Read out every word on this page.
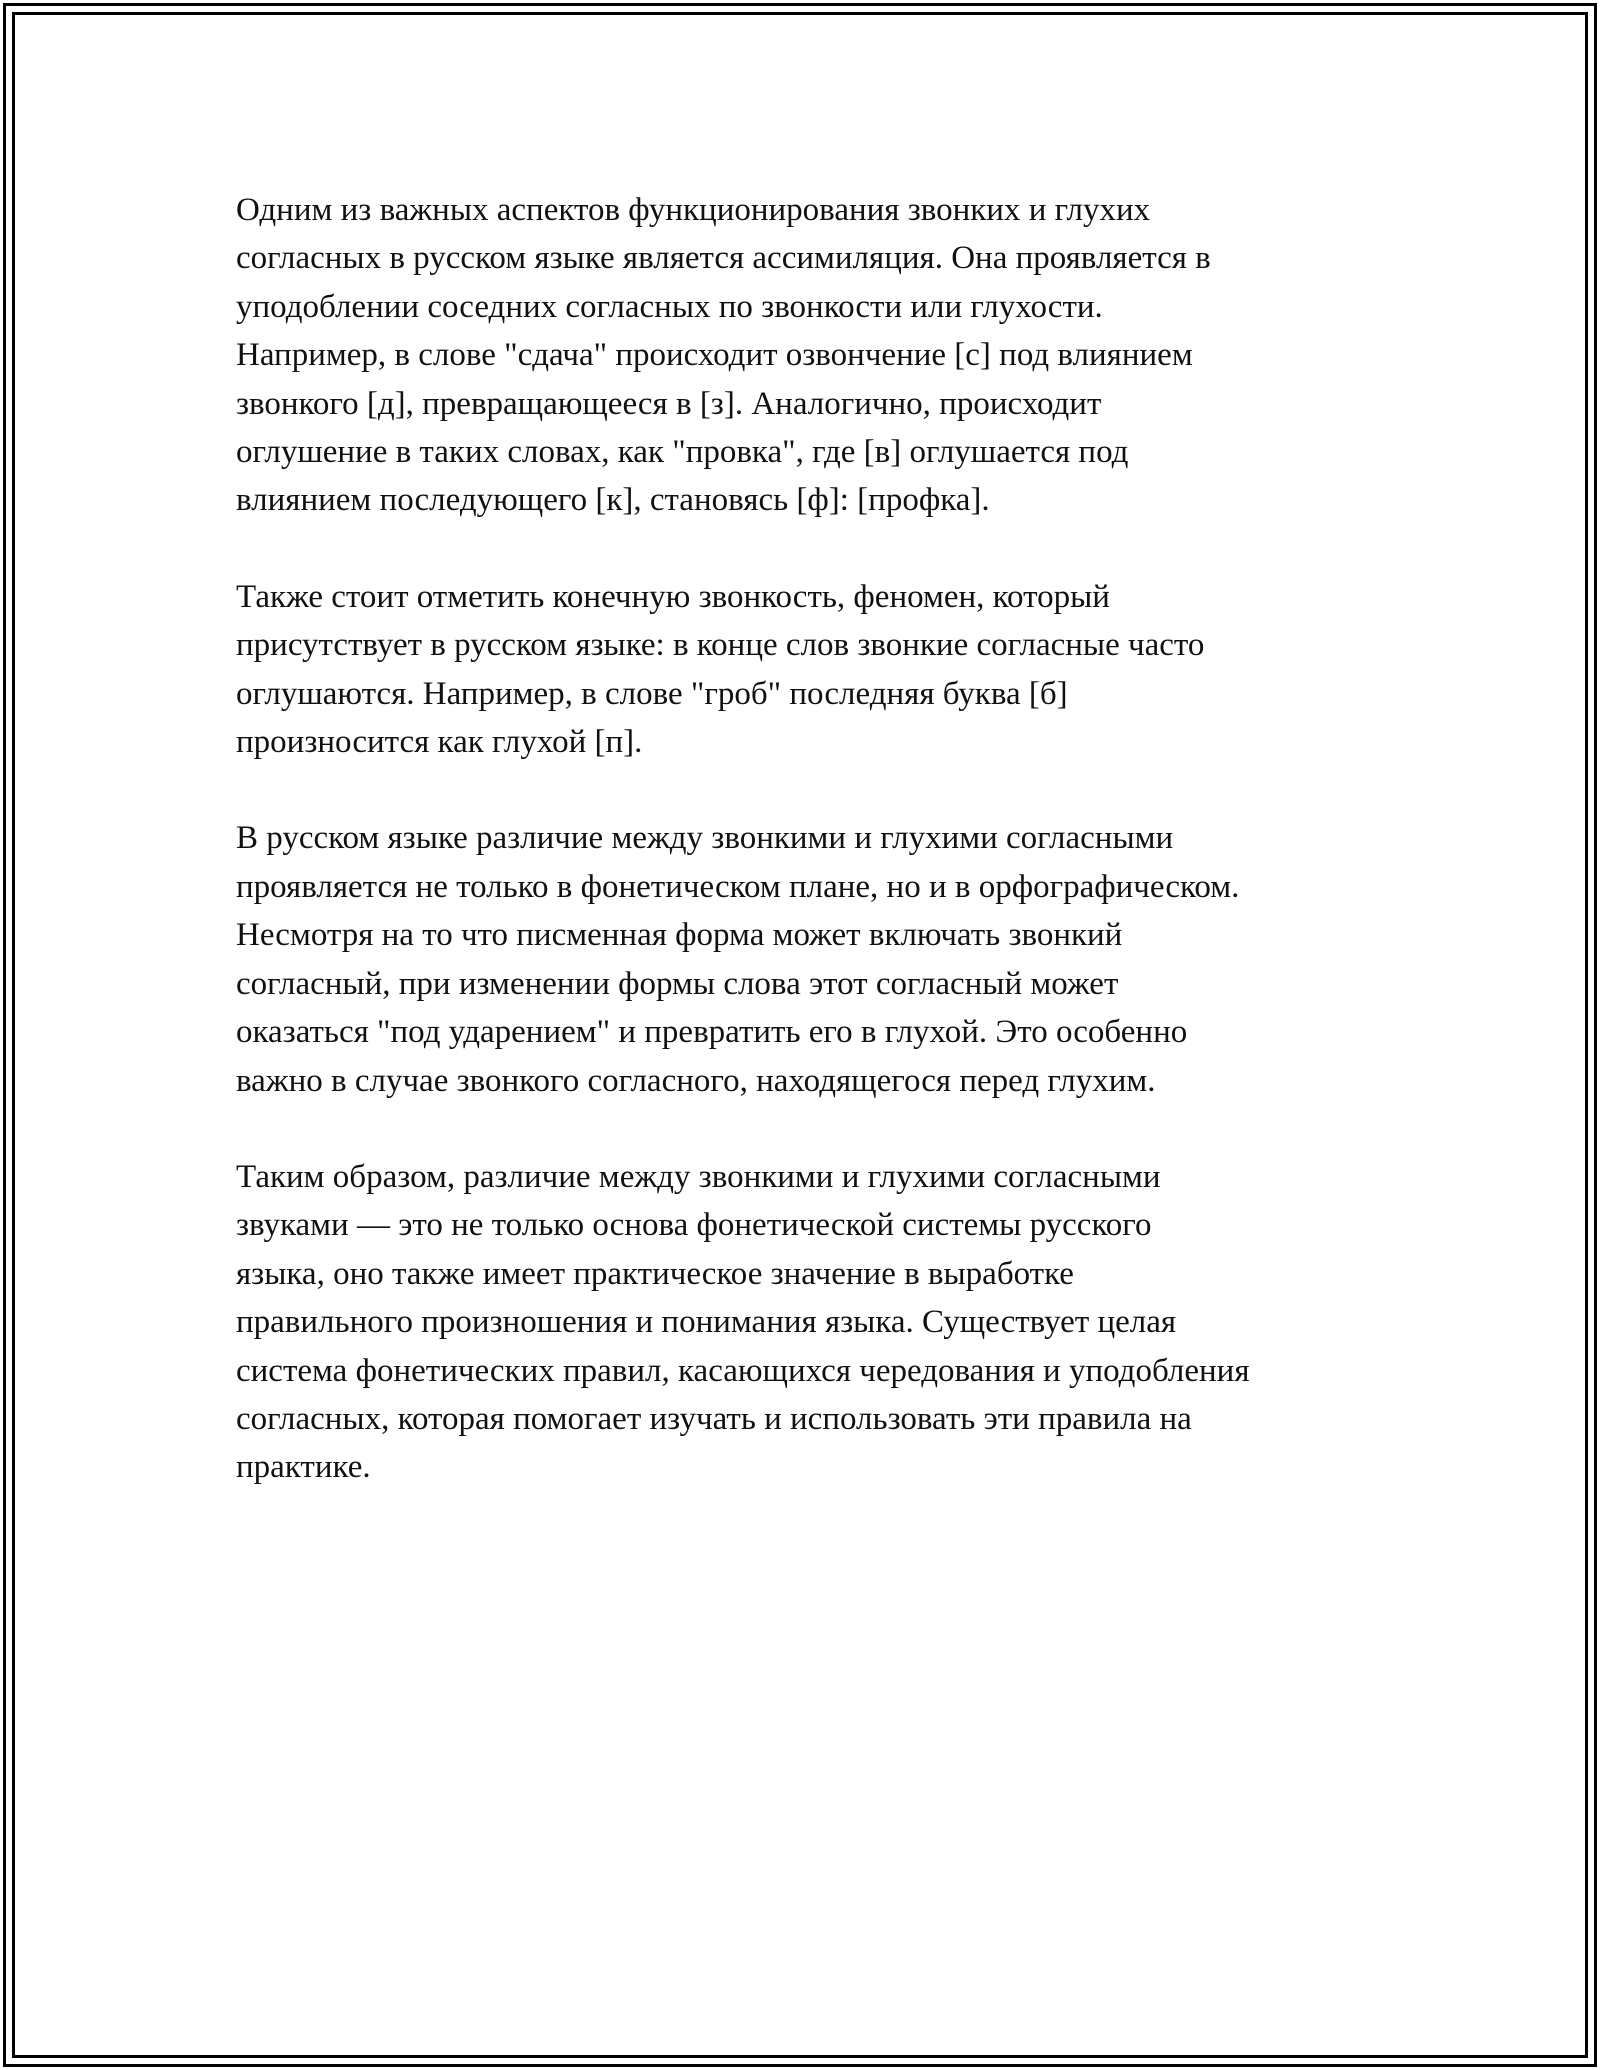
Одним из важных аспектов функционирования звонких и глухих
согласных в русском языке является ассимиляция. Она проявляется в
уподоблении соседних согласных по звонкости или глухости.
Например, в слове "сдача" происходит озвончение [с] под влиянием
звонкого [д], превращающееся в [з]. Аналогично, происходит
оглушение в таких словах, как "провка", где [в] оглушается под
влиянием последующего [к], становясь [ф]: [профка].

Также стоит отметить конечную звонкость, феномен, который
присутствует в русском языке: в конце слов звонкие согласные часто
оглушаются. Например, в слове "гроб" последняя буква [б]
произносится как глухой [п].

В русском языке различие между звонкими и глухими согласными
проявляется не только в фонетическом плане, но и в орфографическом.
Несмотря на то что писменная форма может включать звонкий
согласный, при изменении формы слова этот согласный может
оказаться "под ударением" и превратить его в глухой. Это особенно
важно в случае звонкого согласного, находящегося перед глухим.

Таким образом, различие между звонкими и глухими согласными
звуками — это не только основа фонетической системы русского
языка, оно также имеет практическое значение в выработке
правильного произношения и понимания языка. Существует целая
система фонетических правил, касающихся чередования и уподобления
согласных, которая помогает изучать и использовать эти правила на
практике.
